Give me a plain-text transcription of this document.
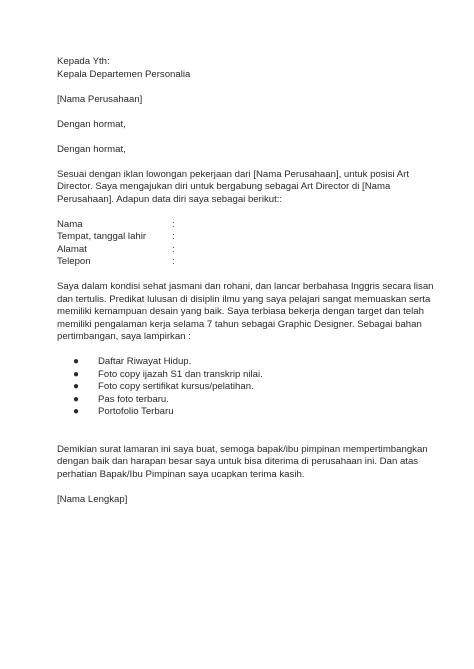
Kepada Yth:
Kepala Departemen Personalia
[Nama Perusahaan]
Dengan hormat,
Dengan hormat,
Sesuai dengan iklan lowongan pekerjaan dari [Nama Perusahaan], untuk posisi Art
Director. Saya mengajukan diri untuk bergabung sebagai Art Director di [Nama
Perusahaan]. Adapun data diri saya sebagai berikut::
Nama	:
Tempat, tanggal lahir	:
Alamat	:
Telepon	:
Saya dalam kondisi sehat jasmani dan rohani, dan lancar berbahasa Inggris secara lisan
dan tertulis. Predikat lulusan di disiplin ilmu yang saya pelajari sangat memuaskan serta
memiliki kemampuan desain yang baik. Saya terbiasa bekerja dengan target dan telah
memiliki pengalaman kerja selama 7 tahun sebagai Graphic Designer. Sebagai bahan
pertimbangan, saya lampirkan :
●	Daftar Riwayat Hidup.
●	Foto copy ijazah S1 dan transkrip nilai.
●	Foto copy sertifikat kursus/pelatihan.
●	Pas foto terbaru.
●	Portofolio Terbaru
Demikian surat lamaran ini saya buat, semoga bapak/ibu pimpinan mempertimbangkan
dengan baik dan harapan besar saya untuk bisa diterima di perusahaan ini. Dan atas
perhatian Bapak/Ibu Pimpinan saya ucapkan terima kasih.
[Nama Lengkap]
